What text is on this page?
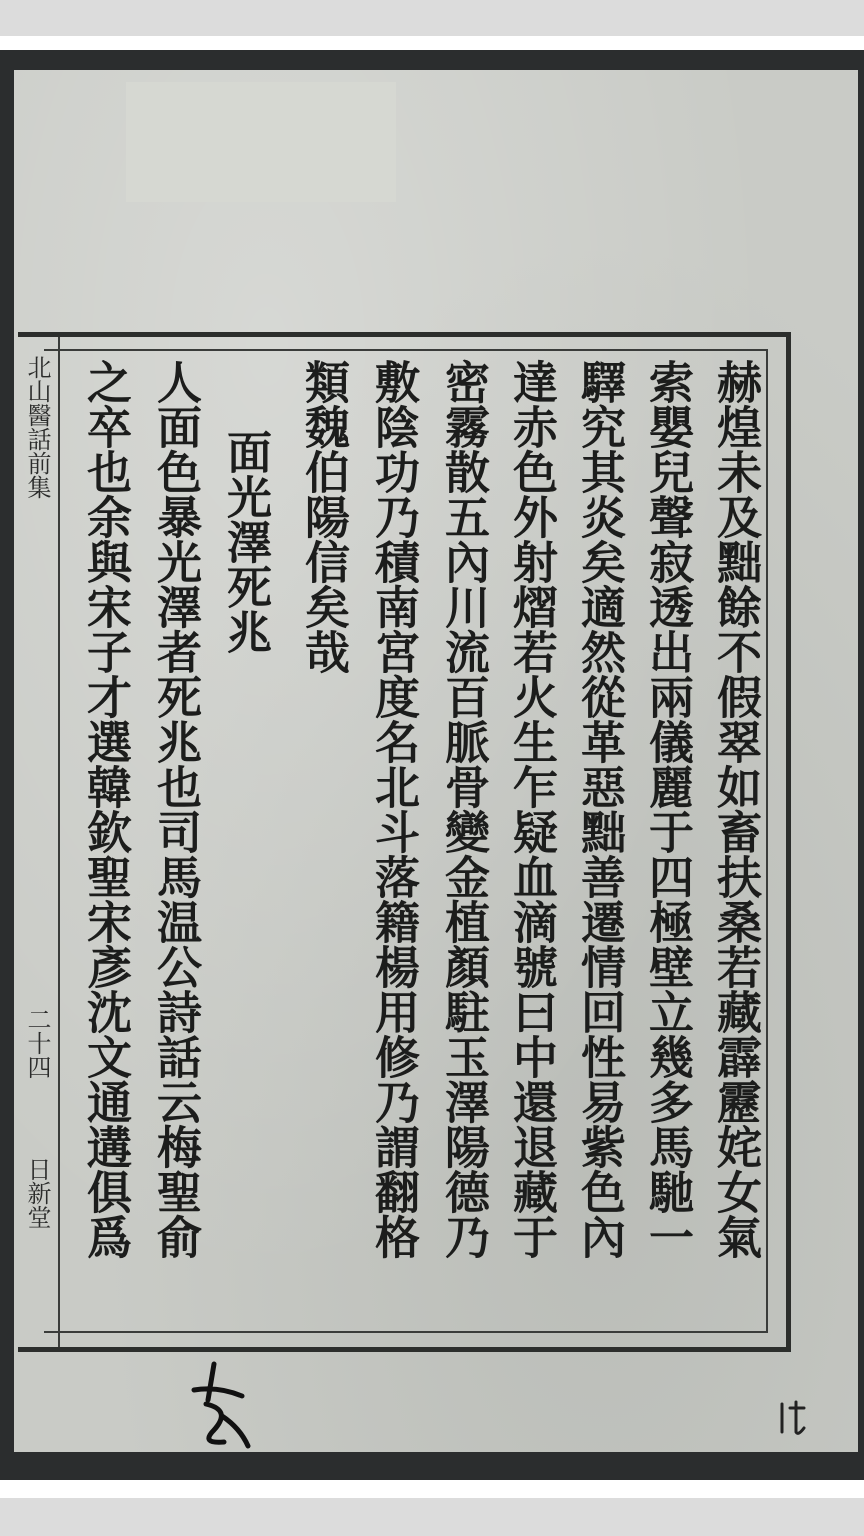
北山醫話前集
二十四
日新堂	赫煌未及黜餘不假翠如畜扶桑若藏霹靂姹女氣
索嬰兒聲寂透出兩儀麗于四極壁立幾多馬馳一
驛究其炎矣適然從革惡黜善遷情回性易紫色內
達赤色外射熠若火生乍疑血滴號曰中還退藏于
密霧散五內川流百脈骨變金植顏駐玉澤陽德乃
敷陰功乃積南宮度名北斗落籍楊用修乃謂翻格
類魏伯陽信矣哉
面光澤死兆
人面色暴光澤者死兆也司馬温公詩話云梅聖俞
之卒也余與宋子才選韓欽聖宋彥沈文通遘俱爲
